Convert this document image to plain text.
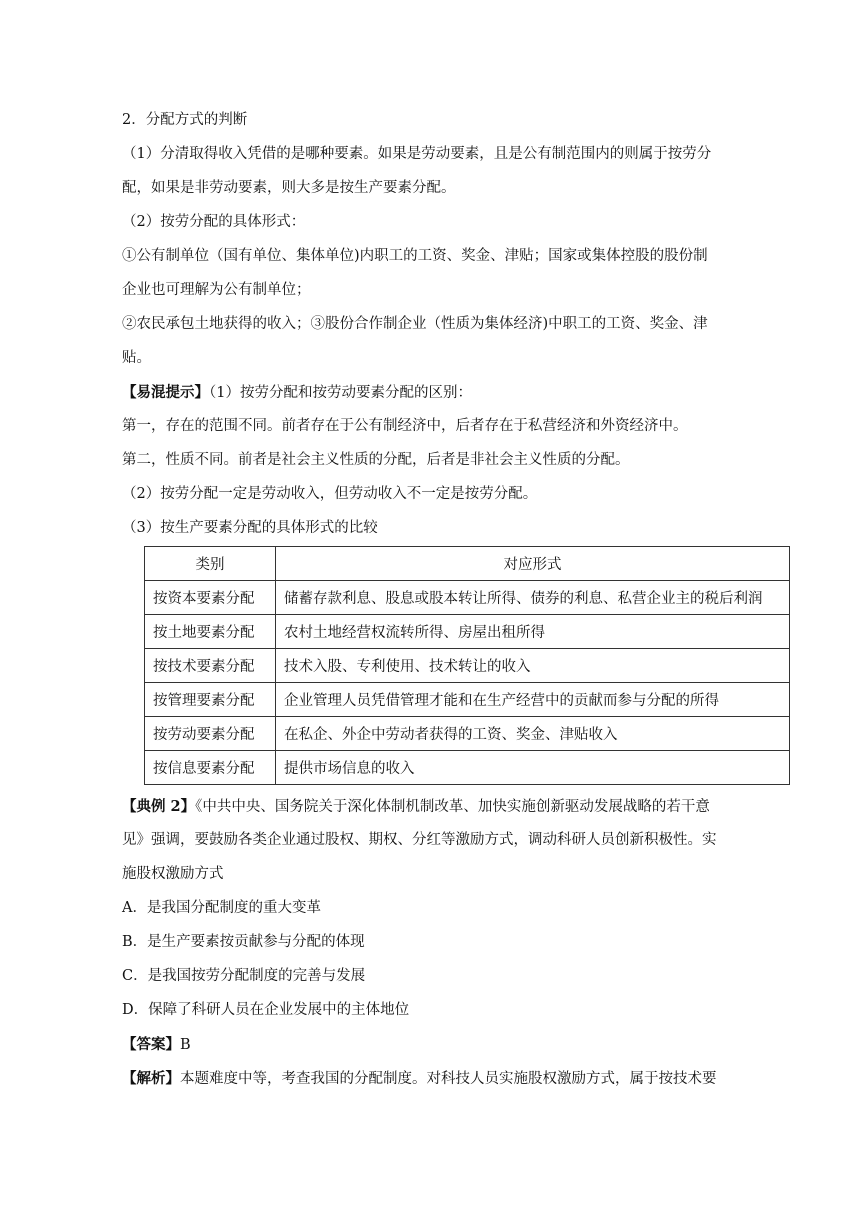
2．分配方式的判断

（1）分清取得收入凭借的是哪种要素。如果是劳动要素，且是公有制范围内的则属于按劳分

配，如果是非劳动要素，则大多是按生产要素分配。

（2）按劳分配的具体形式：

①公有制单位（国有单位、集体单位)内职工的工资、奖金、津贴；国家或集体控股的股份制

企业也可理解为公有制单位；

②农民承包土地获得的收入；③股份合作制企业（性质为集体经济)中职工的工资、奖金、津

贴。

【易混提示】（1）按劳分配和按劳动要素分配的区别：

第一，存在的范围不同。前者存在于公有制经济中，后者存在于私营经济和外资经济中。

第二，性质不同。前者是社会主义性质的分配，后者是非社会主义性质的分配。

（2）按劳分配一定是劳动收入，但劳动收入不一定是按劳分配。

（3）按生产要素分配的具体形式的比较

类别	对应形式
按资本要素分配	储蓄存款利息、股息或股本转让所得、债券的利息、私营企业主的税后利润
按土地要素分配	农村土地经营权流转所得、房屋出租所得
按技术要素分配	技术入股、专利使用、技术转让的收入
按管理要素分配	企业管理人员凭借管理才能和在生产经营中的贡献而参与分配的所得
按劳动要素分配	在私企、外企中劳动者获得的工资、奖金、津贴收入
按信息要素分配	提供市场信息的收入

【典例 2】《中共中央、国务院关于深化体制机制改革、加快实施创新驱动发展战略的若干意

见》强调，要鼓励各类企业通过股权、期权、分红等激励方式，调动科研人员创新积极性。实

施股权激励方式

A．是我国分配制度的重大变革

B．是生产要素按贡献参与分配的体现

C．是我国按劳分配制度的完善与发展

D．保障了科研人员在企业发展中的主体地位

【答案】B

【解析】本题难度中等，考查我国的分配制度。对科技人员实施股权激励方式，属于按技术要
